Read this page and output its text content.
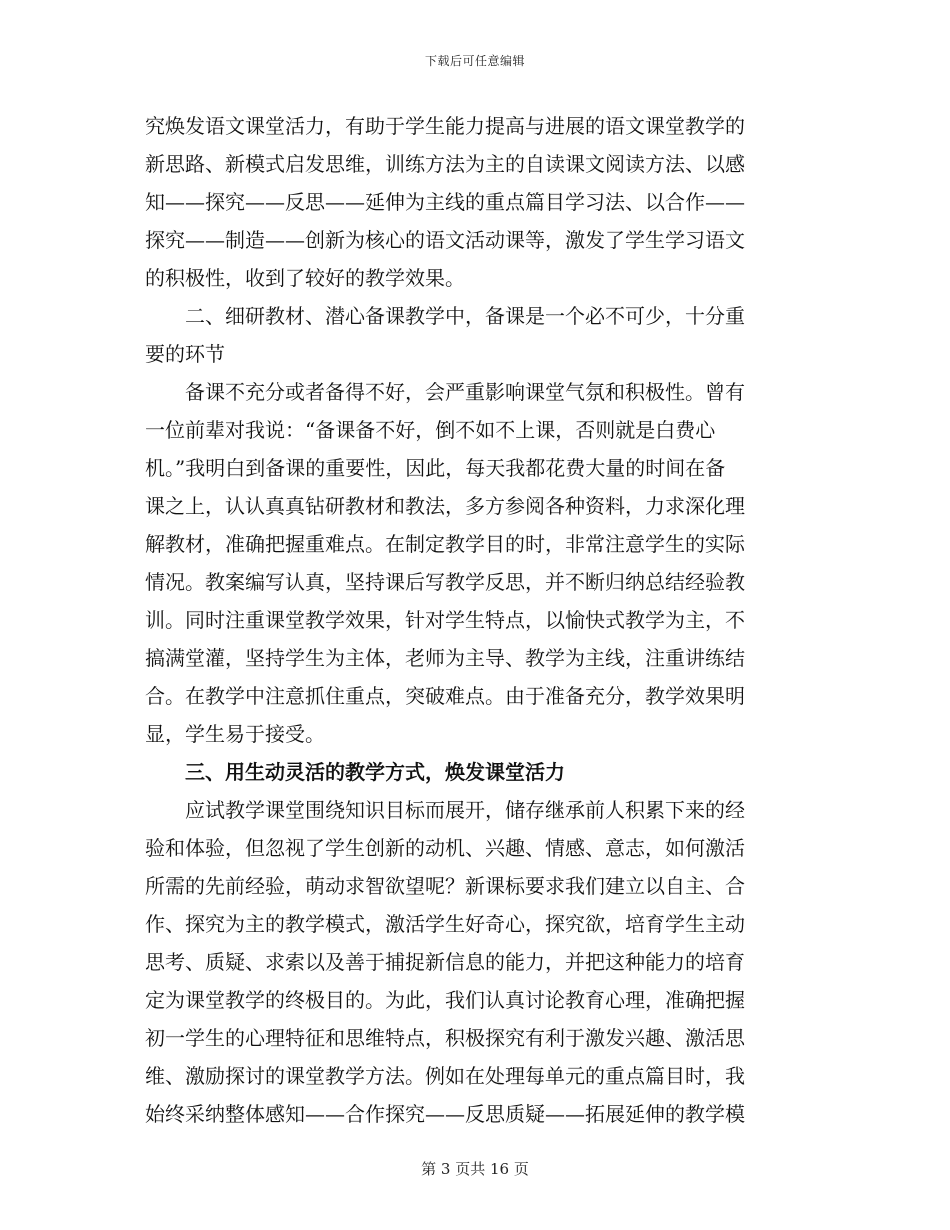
下载后可任意编辑
究焕发语文课堂活力，有助于学生能力提高与进展的语文课堂教学的
新思路、新模式启发思维，训练方法为主的自读课文阅读方法、以感
知——探究——反思——延伸为主线的重点篇目学习法、以合作——
探究——制造——创新为核心的语文活动课等，激发了学生学习语文
的积极性，收到了较好的教学效果。
二、细研教材、潜心备课教学中，备课是一个必不可少，十分重
要的环节
备课不充分或者备得不好，会严重影响课堂气氛和积极性。曾有
一位前辈对我说：“备课备不好，倒不如不上课，否则就是白费心
机。”我明白到备课的重要性，因此，每天我都花费大量的时间在备
课之上，认认真真钻研教材和教法，多方参阅各种资料，力求深化理
解教材，准确把握重难点。在制定教学目的时，非常注意学生的实际
情况。教案编写认真，坚持课后写教学反思，并不断归纳总结经验教
训。同时注重课堂教学效果，针对学生特点，以愉快式教学为主，不
搞满堂灌，坚持学生为主体，老师为主导、教学为主线，注重讲练结
合。在教学中注意抓住重点，突破难点。由于准备充分，教学效果明
显，学生易于接受。
三、用生动灵活的教学方式，焕发课堂活力
应试教学课堂围绕知识目标而展开，储存继承前人积累下来的经
验和体验，但忽视了学生创新的动机、兴趣、情感、意志，如何激活
所需的先前经验，萌动求智欲望呢？新课标要求我们建立以自主、合
作、探究为主的教学模式，激活学生好奇心，探究欲，培育学生主动
思考、质疑、求索以及善于捕捉新信息的能力，并把这种能力的培育
定为课堂教学的终极目的。为此，我们认真讨论教育心理，准确把握
初一学生的心理特征和思维特点，积极探究有利于激发兴趣、激活思
维、激励探讨的课堂教学方法。例如在处理每单元的重点篇目时，我
始终采纳整体感知——合作探究——反思质疑——拓展延伸的教学模
第 3 页共 16 页
